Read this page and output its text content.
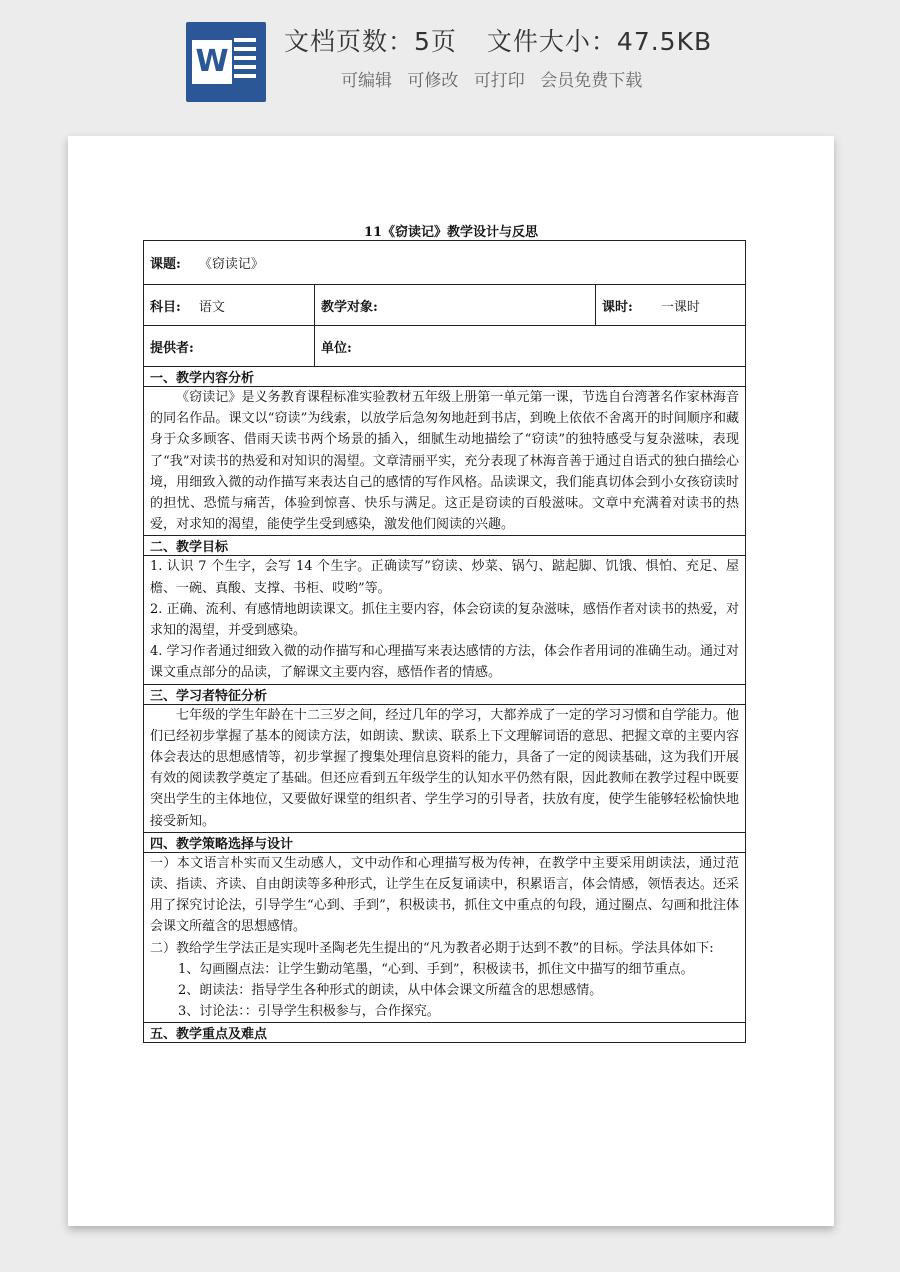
W
文档页数：5页 文件大小：47.5KB
可编辑 可修改 可打印 会员免费下载
11《窃读记》教学设计与反思
课题: 《窃读记》		
科目: 语文	教学对象:	课时: 一课时
提供者:	单位:	
一、教学内容分析		

《窃读记》是义务教育课程标准实验教材五年级上册第一单元第一课，节选自台湾著名作家林海音的同名作品。课文以“窃读”为线索，以放学后急匆匆地赶到书店，到晚上依依不舍离开的时间顺序和藏身于众多顾客、借雨天读书两个场景的插入，细腻生动地描绘了“窃读”的独特感受与复杂滋味，表现了“我”对读书的热爱和对知识的渴望。文章清丽平实，充分表现了林海音善于通过自语式的独白描绘心境，用细致入微的动作描写来表达自己的感情的写作风格。品读课文，我们能真切体会到小女孩窃读时的担忧、恐慌与痛苦，体验到惊喜、快乐与满足。这正是窃读的百般滋味。文章中充满着对读书的热爱，对求知的渴望，能使学生受到感染，激发他们阅读的兴趣。		

二、教学目标		

1. 认识 7 个生字，会写 14 个生字。正确读写”窃读、炒菜、锅勺、踮起脚、饥饿、惧怕、充足、屋檐、一碗、真酸、支撑、书柜、哎哟”等。
2. 正确、流利、有感情地朗读课文。抓住主要内容，体会窃读的复杂滋味，感悟作者对读书的热爱，对求知的渴望，并受到感染。
4. 学习作者通过细致入微的动作描写和心理描写来表达感情的方法，体会作者用词的准确生动。通过对课文重点部分的品读，了解课文主要内容，感悟作者的情感。		

三、学习者特征分析		

七年级的学生年龄在十二三岁之间，经过几年的学习，大都养成了一定的学习习惯和自学能力。他们已经初步掌握了基本的阅读方法，如朗读、默读、联系上下文理解词语的意思、把握文章的主要内容体会表达的思想感情等，初步掌握了搜集处理信息资料的能力，具备了一定的阅读基础，这为我们开展有效的阅读教学奠定了基础。但还应看到五年级学生的认知水平仍然有限，因此教师在教学过程中既要突出学生的主体地位，又要做好课堂的组织者、学生学习的引导者，扶放有度，使学生能够轻松愉快地接受新知。		

四、教学策略选择与设计		

一）本文语言朴实而又生动感人，文中动作和心理描写极为传神，在教学中主要采用朗读法，通过范读、指读、齐读、自由朗读等多种形式，让学生在反复诵读中，积累语言，体会情感，领悟表达。还采用了探究讨论法，引导学生“心到、手到”，积极读书，抓住文中重点的句段，通过圈点、勾画和批注体会课文所蕴含的思想感情。
二）教给学生学法正是实现叶圣陶老先生提出的“凡为教者必期于达到不教”的目标。学法具体如下:
1、勾画圈点法：让学生勤动笔墨，“心到、手到”，积极读书，抓住文中描写的细节重点。
2、朗读法：指导学生各种形式的朗读，从中体会课文所蕴含的思想感情。
3、讨论法：：引导学生积极参与，合作探究。		

五、教学重点及难点		
